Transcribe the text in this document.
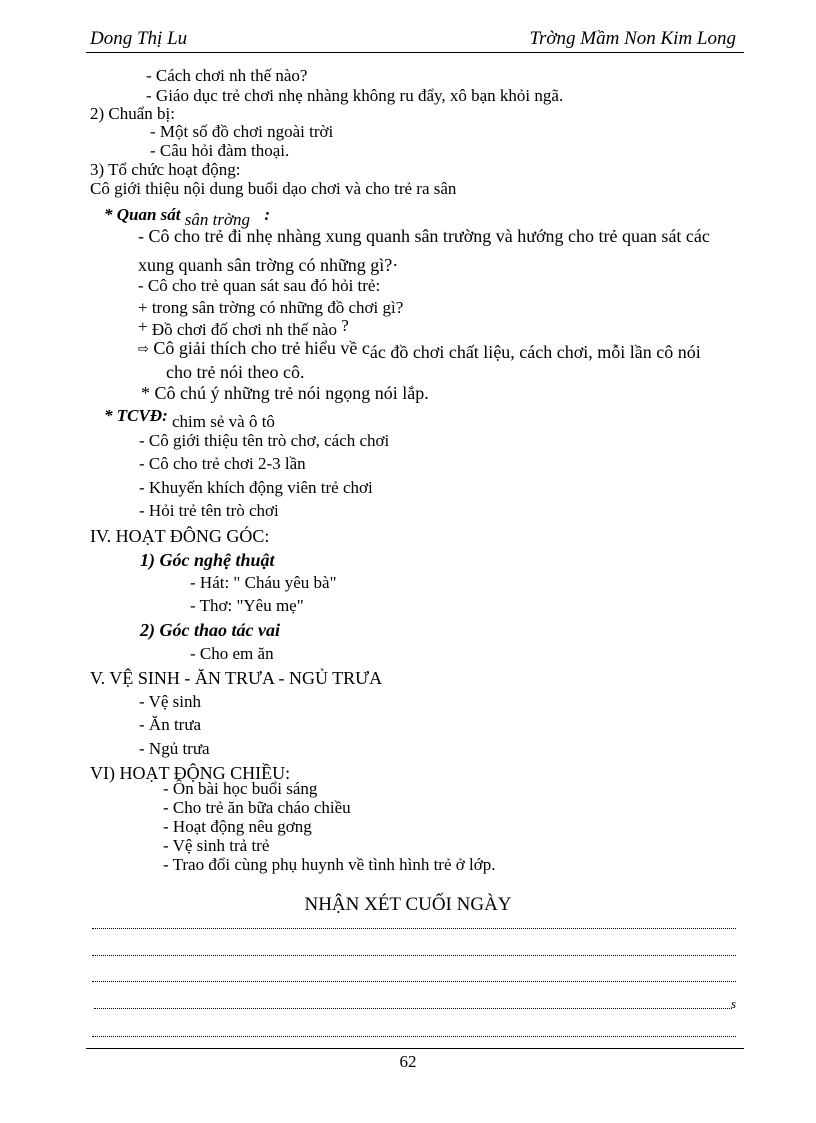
Dong Thị Lu	Trờng Mầm Non Kim Long
- Cách chơi nh thế nào?
- Giáo dục trẻ chơi nhẹ nhàng không ru đẩy, xô bạn khỏi ngã.
2) Chuẩn bị:
- Một số đồ chơi ngoài trời
- Câu hỏi đàm thoại.
3) Tổ chức hoạt động:
Cô giới thiệu nội dung buổi dạo chơi và cho trẻ ra sân
* Quan sát sân trờng :
- Cô cho trẻ đi nhẹ nhàng xung quanh sân trường và hướng cho trẻ quan sát các
xung quanh sân trờng có những gì?·
- Cô cho trẻ quan sát sau đó hỏi trẻ:
+ trong sân trờng có những đồ chơi gì?
+ Đồ chơi đố chơi nh thế nào ?
⇨ Cô giải thích cho trẻ hiểu về các đồ chơi chất liệu, cách chơi, mỗi lần cô nói
cho trẻ nói theo cô.
* Cô chú ý những trẻ nói ngọng nói lắp.
* TCVĐ: chim sẻ và ô tô
- Cô giới thiệu tên trò chơ, cách chơi
- Cô cho trẻ chơi 2-3 lần
- Khuyến khích động viên trẻ chơi
- Hỏi trẻ tên trò chơi
IV. HOẠT ĐÔNG GÓC:
1) Góc nghệ thuật
- Hát: " Cháu yêu bà"
- Thơ: "Yêu mẹ"
2) Góc thao tác vai
- Cho em ăn
V. VỆ SINH - ĂN TRƯA - NGỦ TRƯA
- Vệ sinh
- Ăn trưa
- Ngủ trưa
VI) HOẠT ĐỘNG CHIỀU:
- Ôn bài học buổi sáng
- Cho trẻ ăn bữa cháo chiều
- Hoạt động nêu gơng
- Vệ sinh trả trẻ
- Trao đổi cùng phụ huynh về tình hình trẻ ở lớp.
NHẬN XÉT CUỐI NGÀY
s
62
